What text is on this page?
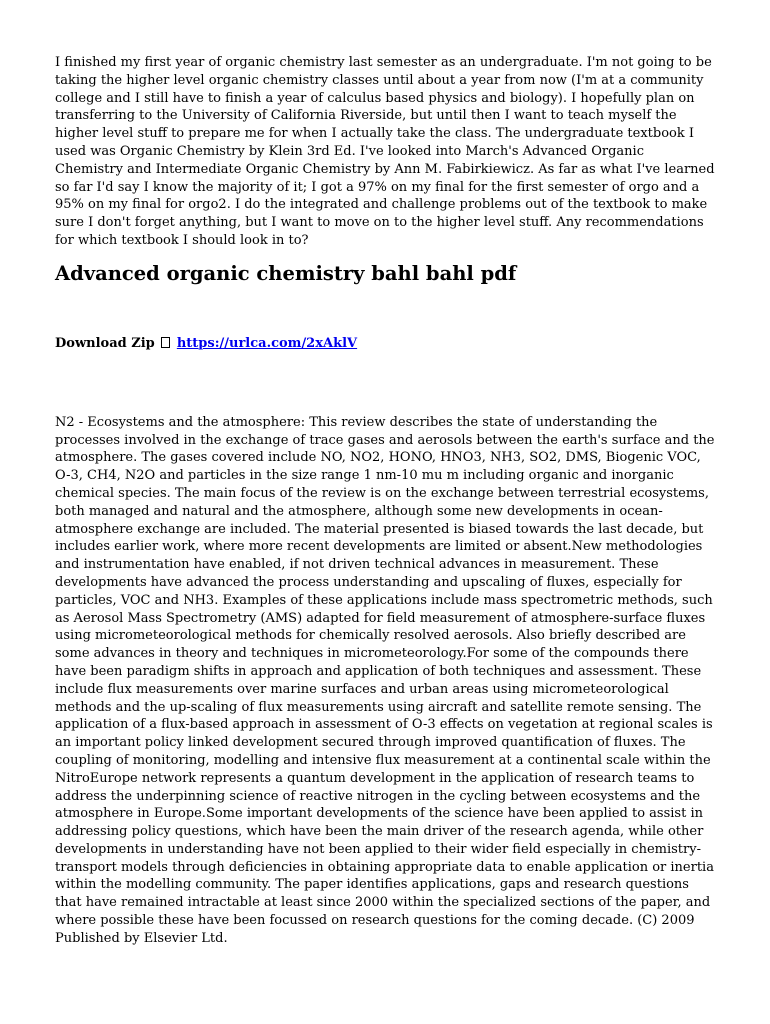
I finished my first year of organic chemistry last semester as an undergraduate. I'm not going to be taking the higher level organic chemistry classes until about a year from now (I'm at a community college and I still have to finish a year of calculus based physics and biology). I hopefully plan on transferring to the University of California Riverside, but until then I want to teach myself the higher level stuff to prepare me for when I actually take the class. The undergraduate textbook I used was Organic Chemistry by Klein 3rd Ed. I've looked into March's Advanced Organic Chemistry and Intermediate Organic Chemistry by Ann M. Fabirkiewicz. As far as what I've learned so far I'd say I know the majority of it; I got a 97% on my final for the first semester of orgo and a 95% on my final for orgo2. I do the integrated and challenge problems out of the textbook to make sure I don't forget anything, but I want to move on to the higher level stuff. Any recommendations for which textbook I should look in to?

Advanced organic chemistry bahl bahl pdf
Download Zip https://urlca.com/2xAklV

N2 - Ecosystems and the atmosphere: This review describes the state of understanding the processes involved in the exchange of trace gases and aerosols between the earth's surface and the atmosphere. The gases covered include NO, NO2, HONO, HNO3, NH3, SO2, DMS, Biogenic VOC, O-3, CH4, N2O and particles in the size range 1 nm-10 mu m including organic and inorganic chemical species. The main focus of the review is on the exchange between terrestrial ecosystems, both managed and natural and the atmosphere, although some new developments in ocean-atmosphere exchange are included. The material presented is biased towards the last decade, but includes earlier work, where more recent developments are limited or absent.New methodologies and instrumentation have enabled, if not driven technical advances in measurement. These developments have advanced the process understanding and upscaling of fluxes, especially for particles, VOC and NH3. Examples of these applications include mass spectrometric methods, such as Aerosol Mass Spectrometry (AMS) adapted for field measurement of atmosphere-surface fluxes using micrometeorological methods for chemically resolved aerosols. Also briefly described are some advances in theory and techniques in micrometeorology.For some of the compounds there have been paradigm shifts in approach and application of both techniques and assessment. These include flux measurements over marine surfaces and urban areas using micrometeorological methods and the up-scaling of flux measurements using aircraft and satellite remote sensing. The application of a flux-based approach in assessment of O-3 effects on vegetation at regional scales is an important policy linked development secured through improved quantification of fluxes. The coupling of monitoring, modelling and intensive flux measurement at a continental scale within the NitroEurope network represents a quantum development in the application of research teams to address the underpinning science of reactive nitrogen in the cycling between ecosystems and the atmosphere in Europe.Some important developments of the science have been applied to assist in addressing policy questions, which have been the main driver of the research agenda, while other developments in understanding have not been applied to their wider field especially in chemistry-transport models through deficiencies in obtaining appropriate data to enable application or inertia within the modelling community. The paper identifies applications, gaps and research questions that have remained intractable at least since 2000 within the specialized sections of the paper, and where possible these have been focussed on research questions for the coming decade. (C) 2009 Published by Elsevier Ltd.
